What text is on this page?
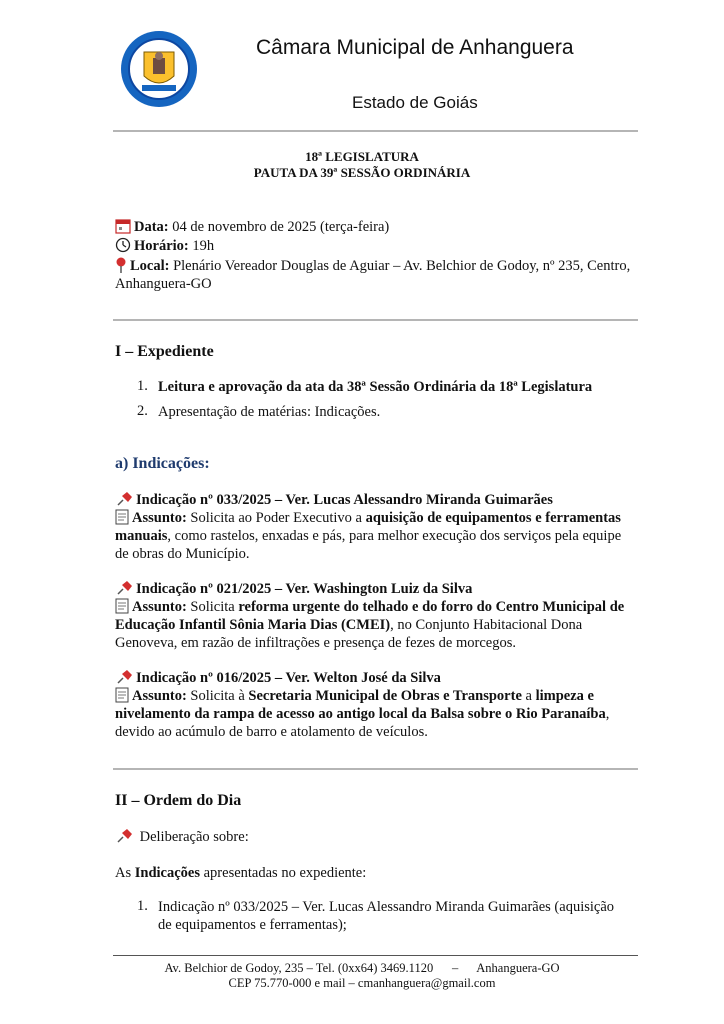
Câmara Municipal de Anhanguera
Estado de Goiás
18ª LEGISLATURA
PAUTA DA 39ª SESSÃO ORDINÁRIA
Data: 04 de novembro de 2025 (terça-feira)
Horário: 19h
Local: Plenário Vereador Douglas de Aguiar – Av. Belchior de Godoy, nº 235, Centro,
Anhanguera-GO
I – Expediente
1. Leitura e aprovação da ata da 38ª Sessão Ordinária da 18ª Legislatura
2. Apresentação de matérias: Indicações.
a) Indicações:
Indicação nº 033/2025 – Ver. Lucas Alessandro Miranda Guimarães
Assunto: Solicita ao Poder Executivo a aquisição de equipamentos e ferramentas
manuais, como rastelos, enxadas e pás, para melhor execução dos serviços pela equipe
de obras do Município.
Indicação nº 021/2025 – Ver. Washington Luiz da Silva
Assunto: Solicita reforma urgente do telhado e do forro do Centro Municipal de
Educação Infantil Sônia Maria Dias (CMEI), no Conjunto Habitacional Dona
Genoveva, em razão de infiltrações e presença de fezes de morcegos.
Indicação nº 016/2025 – Ver. Welton José da Silva
Assunto: Solicita à Secretaria Municipal de Obras e Transporte a limpeza e
nivelamento da rampa de acesso ao antigo local da Balsa sobre o Rio Paranaíba,
devido ao acúmulo de barro e atolamento de veículos.
II – Ordem do Dia
Deliberação sobre:
As Indicações apresentadas no expediente:
1. Indicação nº 033/2025 – Ver. Lucas Alessandro Miranda Guimarães (aquisição
de equipamentos e ferramentas);
Av. Belchior de Godoy, 235 – Tel. (0xx64) 3469.1120      –      Anhanguera-GO
CEP 75.770-000 e mail – cmanhanguera@gmail.com
